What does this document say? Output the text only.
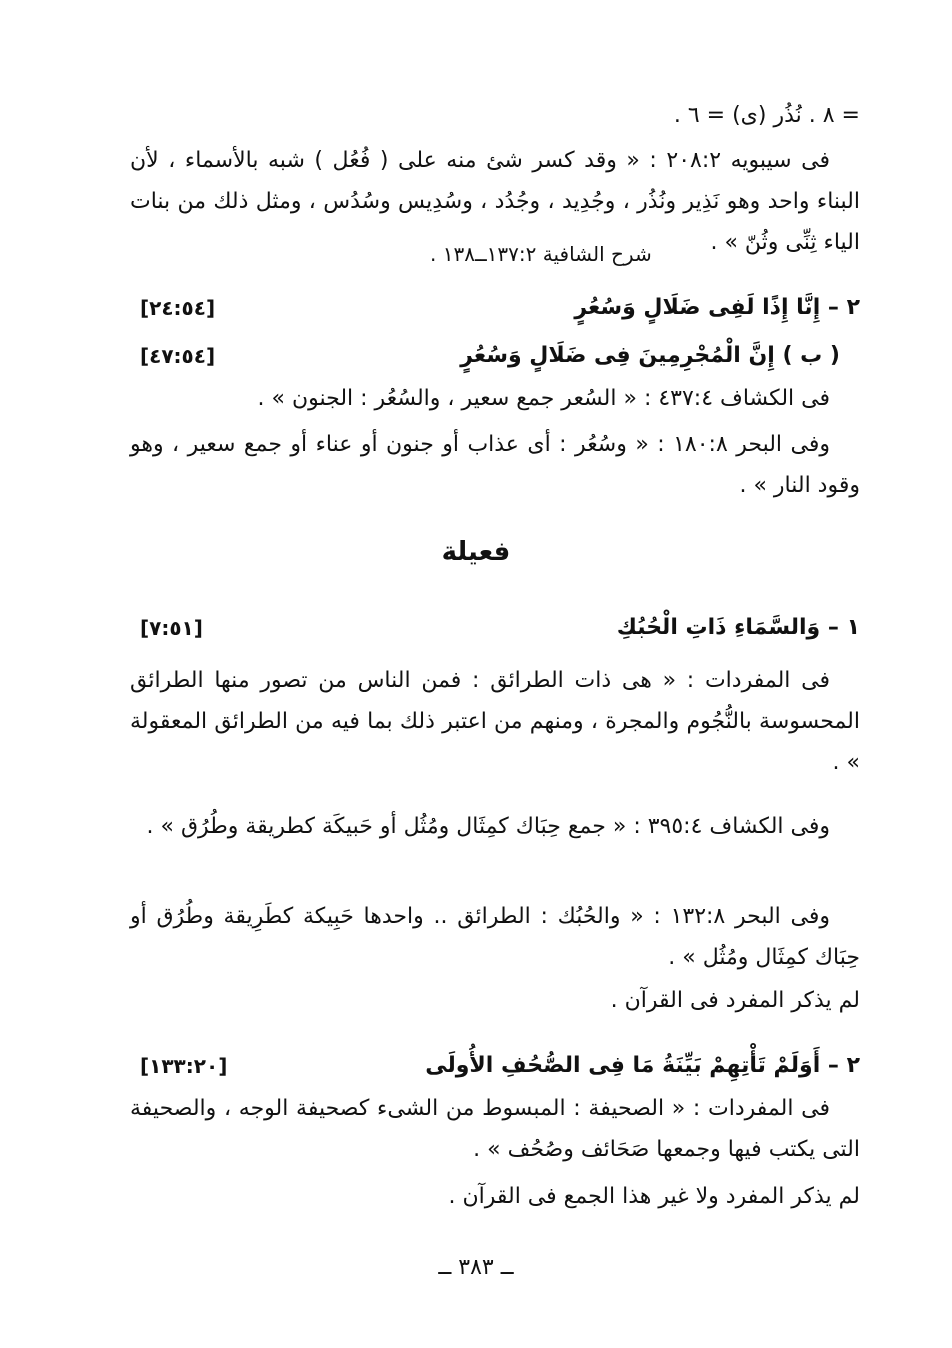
= ٨ . نُذُر (ى) = ٦ .
فى سيبويه ٢٠٨:٢ : « وقد كسر شئ منه على ( فُعُل ) شبه بالأسماء ، لأن البناء واحد وهو نَذِير ونُذُر ، وجُدِيد ، وجُدُد ، وسُدِيس وسُدُس ، ومثل ذلك من بنات الياء ثِنِّى وثُنّ » .
شرح الشافية ١٣٧:٢ــ١٣٨ .
٢ – إِنَّا إِذًا لَفِى ضَلَالٍ وَسُعُرٍ
[٢٤:٥٤]
( ب ) إِنَّ الْمُجْرِمِينَ فِى ضَلَالٍ وَسُعُرٍ
[٤٧:٥٤]
فى الكشاف ٤٣٧:٤ : « السُعر جمع سعير ، والسُعُر : الجنون » .
وفى البحر ١٨٠:٨ : « وسُعُر : أى عذاب أو جنون أو عناء أو جمع سعير ، وهو وقود النار » .
فعيلة
١ – وَالسَّمَاءِ ذَاتِ الْحُبُكِ
[٧:٥١]
فى المفردات : « هى ذات الطرائق : فمن الناس من تصور منها الطرائق المحسوسة بالنُّجُوم والمجرة ، ومنهم من اعتبر ذلك بما فيه من الطرائق المعقولة » .
وفى الكشاف ٣٩٥:٤ : « جمع حِبَاك كمِثَال ومُثُل أو حَبيكَة كطريقة وطُرُق » .
وفى البحر ١٣٢:٨ : « والحُبُك : الطرائق .. واحدها حَبِيكة كطَرِيقة وطُرُق أو حِبَاك كمِثَال ومُثُل » .
لم يذكر المفرد فى القرآن .
٢ – أَوَلَمْ تَأْتِهِمْ بَيِّنَةُ مَا فِى الصُّحُفِ الأُولَى
[١٣٣:٢٠]
فى المفردات : « الصحيفة : المبسوط من الشىء كصحيفة الوجه ، والصحيفة التى يكتب فيها وجمعها صَحَائف وصُحُف » .
لم يذكر المفرد ولا غير هذا الجمع فى القرآن .
ــ ٣٨٣ ــ
